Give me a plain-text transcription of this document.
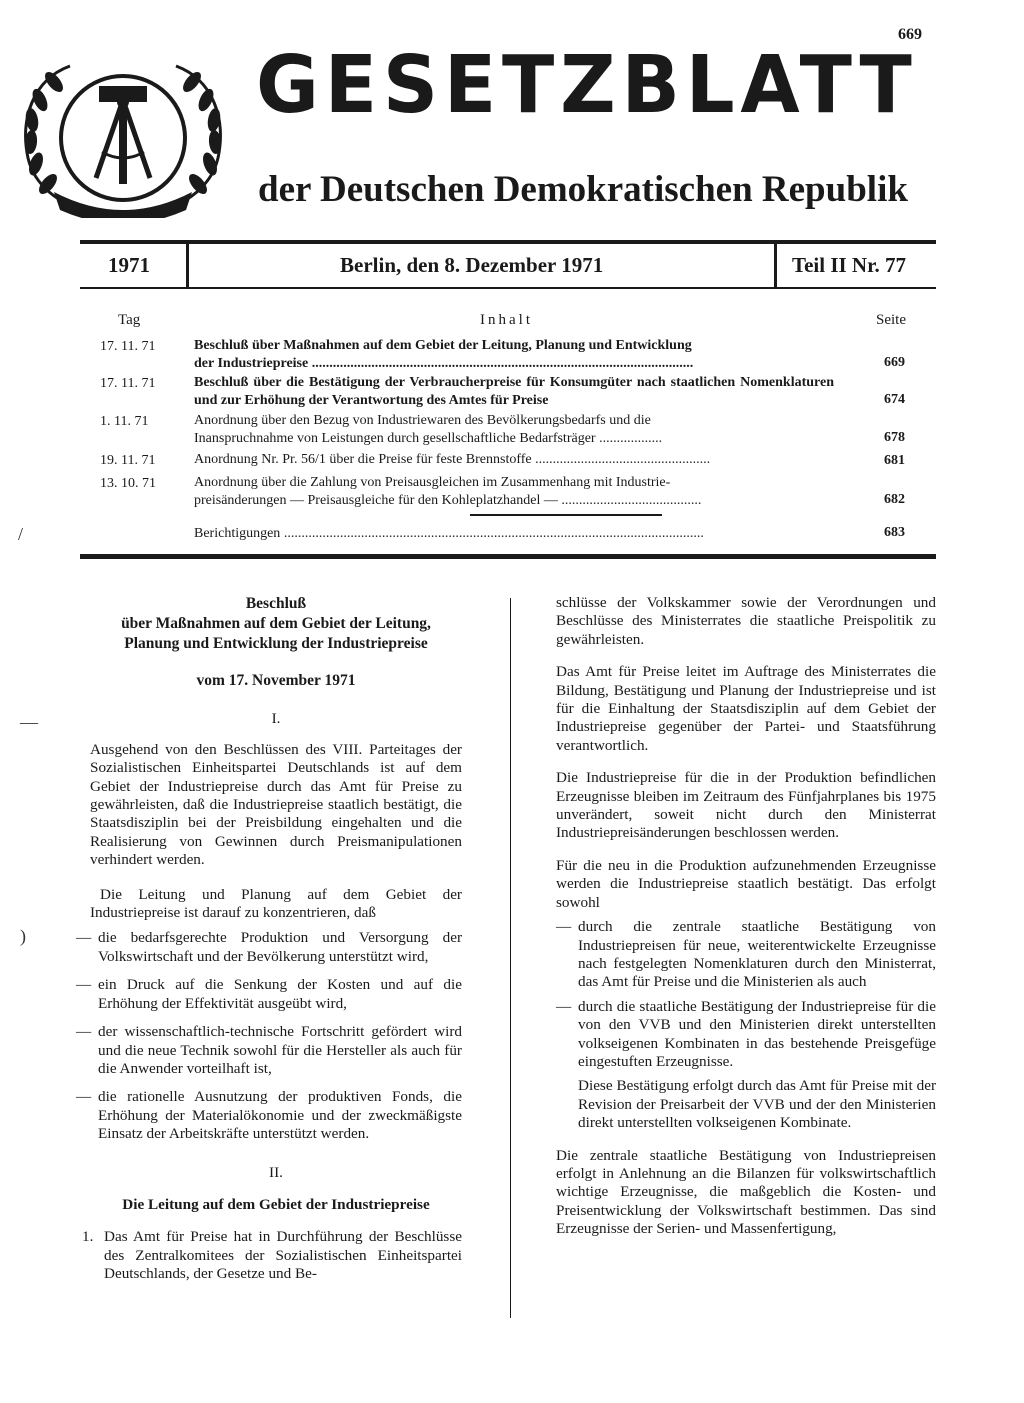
669
GESETZBLATT
der Deutschen Demokratischen Republik
1971	Berlin, den 8. Dezember 1971	Teil II Nr. 77
Tag	Inhalt	Seite
17. 11. 71	Beschluß über Maßnahmen auf dem Gebiet der Leitung, Planung und Entwicklung
der Industriepreise .............................................................................................................	669
17. 11. 71	Beschluß über die Bestätigung der Verbraucherpreise für Konsumgüter nach staatlichen Nomenklaturen und zur Erhöhung der Verantwortung des Amtes für Preise	674
1. 11. 71	Anordnung über den Bezug von Industriewaren des Bevölkerungsbedarfs und die
Inanspruchnahme von Leistungen durch gesellschaftliche Bedarfsträger ..................	678
19. 11. 71	Anordnung Nr. Pr. 56/1 über die Preise für feste Brennstoffe ..................................................	681
13. 10. 71	Anordnung über die Zahlung von Preisausgleichen im Zusammenhang mit Industrie-
preisänderungen — Preisausgleiche für den Kohleplatzhandel — ........................................	682
Berichtigungen ........................................................................................................................	683
/
—
)

Beschluß

über Maßnahmen auf dem Gebiet der Leitung,

Planung und Entwicklung der Industriepreise

vom 17. November 1971

I.

Ausgehend von den Beschlüssen des VIII. Parteitages der Sozialistischen Einheitspartei Deutschlands ist auf dem Gebiet der Industriepreise durch das Amt für Preise zu gewährleisten, daß die Industriepreise staatlich bestätigt, die Staatsdisziplin bei der Preisbildung eingehalten und die Realisierung von Gewinnen durch Preismanipulationen verhindert werden.

Die Leitung und Planung auf dem Gebiet der Industriepreise ist darauf zu konzentrieren, daß

— die bedarfsgerechte Produktion und Versorgung der Volkswirtschaft und der Bevölkerung unterstützt wird,
— ein Druck auf die Senkung der Kosten und auf die Erhöhung der Effektivität ausgeübt wird,
— der wissenschaftlich-technische Fortschritt gefördert wird und die neue Technik sowohl für die Hersteller als auch für die Anwender vorteilhaft ist,
— die rationelle Ausnutzung der produktiven Fonds, die Erhöhung der Materialökonomie und der zweckmäßigste Einsatz der Arbeitskräfte unterstützt werden.

II.

Die Leitung auf dem Gebiet der Industriepreise

1. Das Amt für Preise hat in Durchführung der Beschlüsse des Zentralkomitees der Sozialistischen Einheitspartei Deutschlands, der Gesetze und Be-

schlüsse der Volkskammer sowie der Verordnungen und Beschlüsse des Ministerrates die staatliche Preispolitik zu gewährleisten.

Das Amt für Preise leitet im Auftrage des Ministerrates die Bildung, Bestätigung und Planung der Industriepreise und ist für die Einhaltung der Staatsdisziplin auf dem Gebiet der Industriepreise gegenüber der Partei- und Staatsführung verantwortlich.

Die Industriepreise für die in der Produktion befindlichen Erzeugnisse bleiben im Zeitraum des Fünfjahrplanes bis 1975 unverändert, soweit nicht durch den Ministerrat Industriepreisänderungen beschlossen werden.

Für die neu in die Produktion aufzunehmenden Erzeugnisse werden die Industriepreise staatlich bestätigt. Das erfolgt sowohl

— durch die zentrale staatliche Bestätigung von Industriepreisen für neue, weiterentwickelte Erzeugnisse nach festgelegten Nomenklaturen durch den Ministerrat, das Amt für Preise und die Ministerien als auch
— durch die staatliche Bestätigung der Industriepreise für die von den VVB und den Ministerien direkt unterstellten volkseigenen Kombinaten in das bestehende Preisgefüge eingestuften Erzeugnisse.

Diese Bestätigung erfolgt durch das Amt für Preise mit der Revision der Preisarbeit der VVB und der den Ministerien direkt unterstellten volkseigenen Kombinate.

Die zentrale staatliche Bestätigung von Industriepreisen erfolgt in Anlehnung an die Bilanzen für volkswirtschaftlich wichtige Erzeugnisse, die maßgeblich die Kosten- und Preisentwicklung der Volkswirtschaft bestimmen. Das sind Erzeugnisse der Serien- und Massenfertigung,
